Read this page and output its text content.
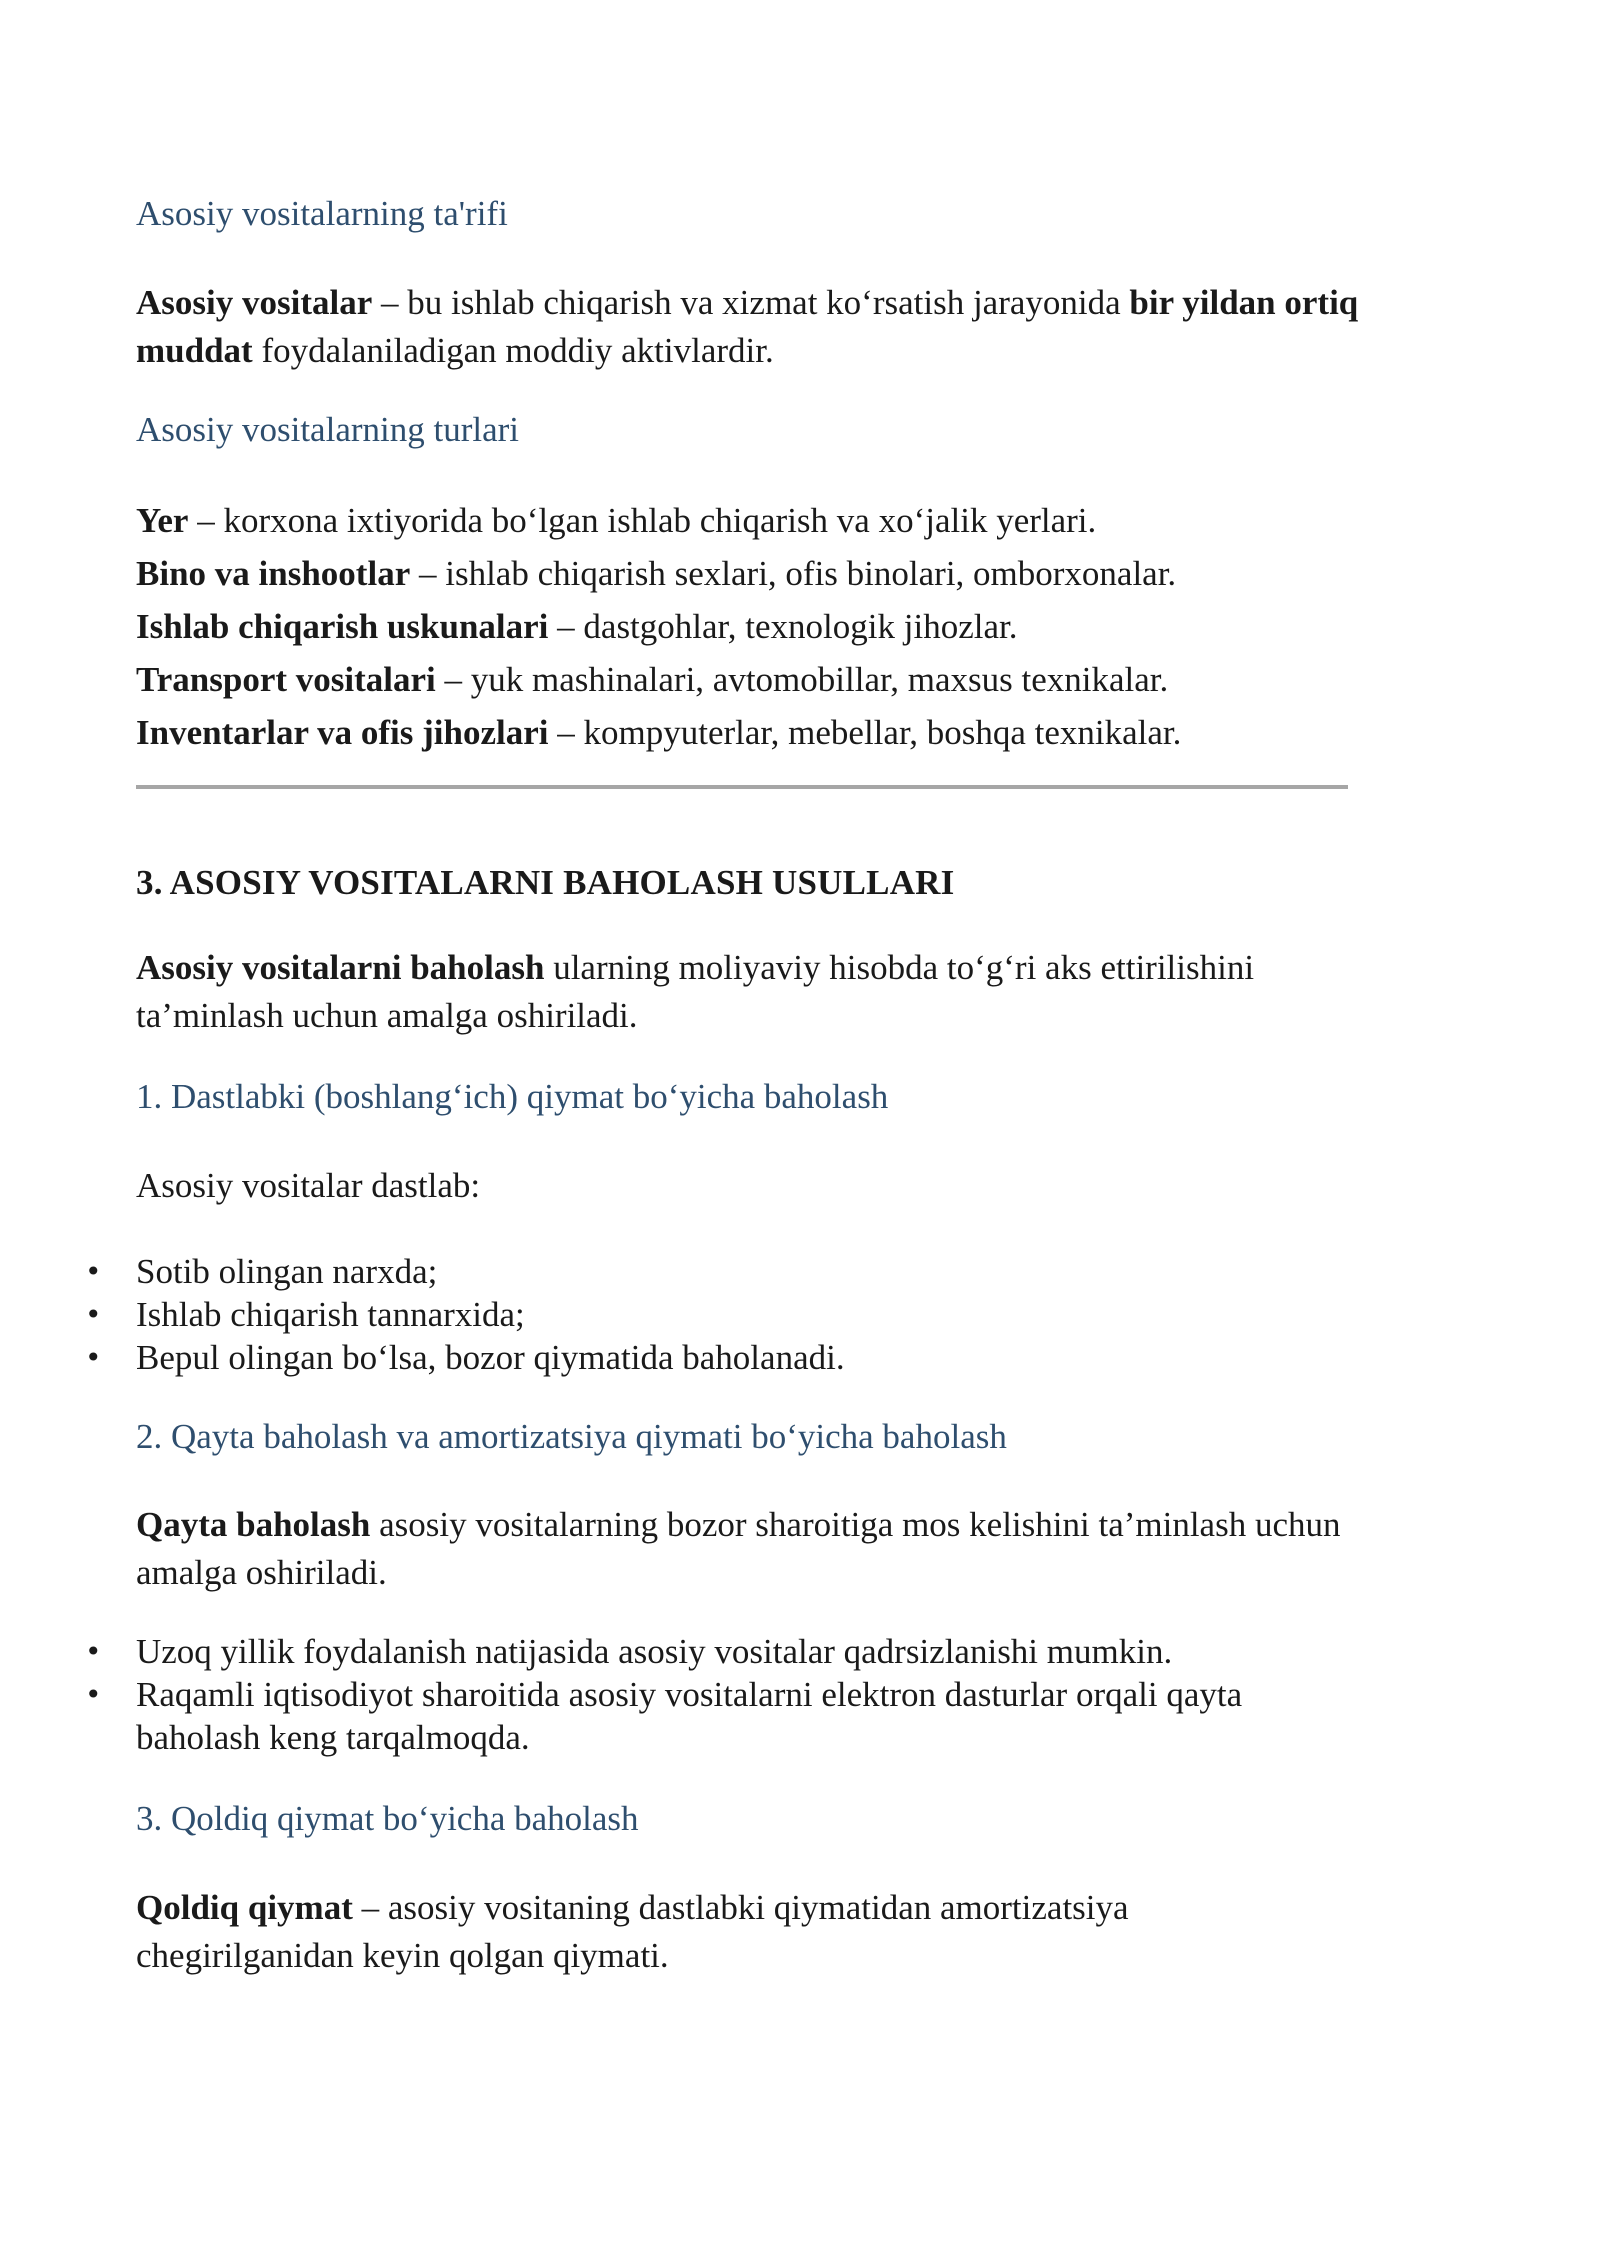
Asosiy vositalarning ta'rifi

Asosiy vositalar – bu ishlab chiqarish va xizmat ko‘rsatish jarayonida bir yildan ortiq muddat foydalaniladigan moddiy aktivlardir.

Asosiy vositalarning turlari

Yer – korxona ixtiyorida bo‘lgan ishlab chiqarish va xo‘jalik yerlari.
Bino va inshootlar – ishlab chiqarish sexlari, ofis binolari, omborxonalar.
Ishlab chiqarish uskunalari – dastgohlar, texnologik jihozlar.
Transport vositalari – yuk mashinalari, avtomobillar, maxsus texnikalar.
Inventarlar va ofis jihozlari – kompyuterlar, mebellar, boshqa texnikalar.

3. ASOSIY VOSITALARNI BAHOLASH USULLARI

Asosiy vositalarni baholash ularning moliyaviy hisobda to‘g‘ri aks ettirilishini ta’minlash uchun amalga oshiriladi.

1. Dastlabki (boshlang‘ich) qiymat bo‘yicha baholash

Asosiy vositalar dastlab:

• Sotib olingan narxda;
• Ishlab chiqarish tannarxida;
• Bepul olingan bo‘lsa, bozor qiymatida baholanadi.

2. Qayta baholash va amortizatsiya qiymati bo‘yicha baholash

Qayta baholash asosiy vositalarning bozor sharoitiga mos kelishini ta’minlash uchun amalga oshiriladi.

• Uzoq yillik foydalanish natijasida asosiy vositalar qadrsizlanishi mumkin.
• Raqamli iqtisodiyot sharoitida asosiy vositalarni elektron dasturlar orqali qayta baholash keng tarqalmoqda.

3. Qoldiq qiymat bo‘yicha baholash

Qoldiq qiymat – asosiy vositaning dastlabki qiymatidan amortizatsiya chegirilganidan keyin qolgan qiymati.
